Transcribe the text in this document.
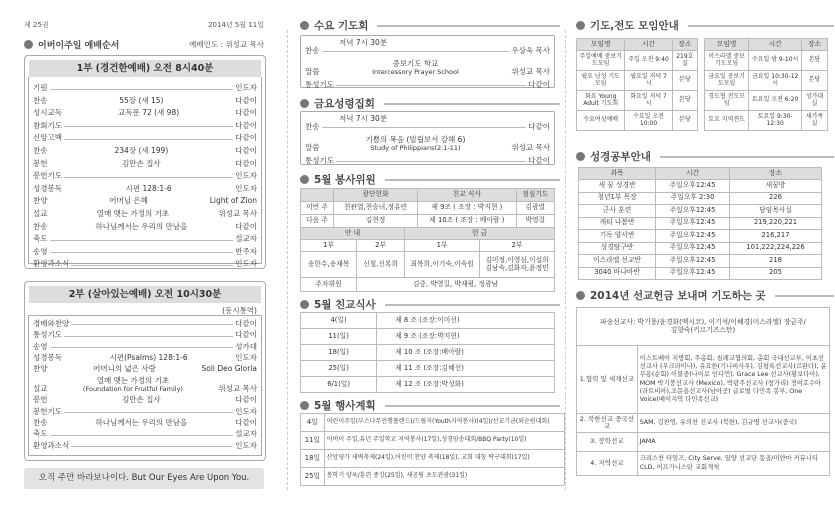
제 25권	2014년 5월 11일
어버이주일 예배순서	예배인도 : 위성교 목사
1부 (경건한예배) 오전 8시40분
기원	인도자
찬송	55장 (새 15)	다같이
성시교독	교독문 72 (새 98)	다같이
참회기도	다같이
신앙고백	다같이
찬송	234장 (새 199)	다같이
봉헌	김만손 집사	다같이
봉헌기도	인도자
성경봉독	시편 128:1-6	인도자
찬양	어머님 은혜	Light of Zion
설교	열매 맺는 가정의 기초	위성교 목사
찬송	하나님께서는 우리의 만남을	다같이
축도	설교자
송영	반주자
환영과소식	인도자
2부 (살아있는예배) 오전 10시30분
(동시통역)
경배와찬양	다같이
통성기도	다같이
송영	성가대
성경봉독	시편(Psalms) 128:1-6	인도자
찬양	어머니의 넓은 사랑	Soli Deo Gloria
설교
열매 맺는 가정의 기초
(Foundation for Fruitful Family)	위성교 목사
봉헌	김만손 집사	다같이
봉헌기도	인도자
찬송	하나님께서는 우리의 만남을	다같이
축도	설교자
환영과소식	인도자
오직 주만 바라보나이다. But Our Eyes Are Upon You.
수요 기도회
저녁 7시 30분
찬송	우상욱 목사
말씀
중보기도 학교
Intercessory Prayer School	위성교 목사
통성기도	다같이
금요성령집회
저녁 7시 30분
찬송	다같이
말씀
기쁨의 복음 (빌립보서 강해 6)
Study of Philippians(2:1-11)	위성교 목사
통성기도	다같이
5월 봉사위원
	광단헌화	친교 식사	점심기도
이번 주	천관열,천승녀,정유빈	제 9조 ( 조장 : 박지현 )	김광열
다음 주	김현정	제 10조 ( 조장 : 배아람 )	박영걸
안 내		헌 금	
1부	2부	1부	2부
송한수,송재복	신철,신록희	최복희,이기숙,이숙원	김미정,이영심,이설희
김남숙,김화자,윤정민
주차위원	김중, 박영길, 박재평, 정광남		
5월 친교식사
4(일)	제 8 조 (조장:이미선)
11(일)	제 9 조 (조장:박지현)
18(일)	제 10 조 (조장:배아람)
25(일)	제 11 조 (조장:김혜선)
6/1(일)	제 12 조 (조장:박성화)
5월 행사계획
4일	어린이주일(부스나무언행플랜드)/드림지(Youth지역봉사)(4일)/선교기금(외순원대회)
11일	어버이 주일,유년 주일학교 지역봉사(17일),성경암송대회/BBQ Party(10일)
18일	산앙영가 새벽축제(24일),어린이 찬양 축제(18일), 교회 대항 탁구대회(17일)
25일	봉학기 양육/훈련 종강(25일), 새공팀 초도관광(31일)
기도,전도 모임안내
모임명	시간	장소
주일예배 중보기도모임	주일 오전 9:40	219호실
월요 남성 기도 모임	월요일 저녁 7시	본당
화요 Young Adult 기도회	화요일 저녁 7시	본당
수요여성예배	수요일 오전 10:00	본당
모임명	시간	장소
이스라엘 중보기도모임	수요일 밤 9-10시	본당
금요일 중보기도모임	금요일 10:30-12시	본당
경도협 전도모임	토요일 오전 6:20	성가대실
토요 지역전도	토요일 9:30-12:30	새가족실
성경공부안내
과목	시간	장소
새 꿈 성경반	주일오후12:45	새꿈방
청년1부 목장	주일오후 2:30	226
군사 훈련	주일오후12:45	담임목사실
캐티 나봄반	주일오후12:45	219,220,221
기독 양서반	주일오후12:45	216,217
성경탐구반	주일오후12:45	101,222,224,226
이스라엘 선교반	주일오후12:45	218
3040 바나바반	주일오후12:45	205
2014년 선교헌금 보내며 기도하는 곳
파송선교사: 박기풍/윤경화(멕시코), 이기석/이혜경(이스라엘) 장금주/김향숙(키르기즈스탄)	
1.협력 및 세계선교	이스트베이 지방회, 주총회, 침례교협의회, 총회 국내선교부, 이초선선교사 (우크라이나), 유요한(기니비사우), 김평록선교사(르완다), 윤무용(순회) 이불중(나이로 인디언), Grace Lee 선교사(황보다아), MOM 박기풍선교사 (Mexico), 박광주선교사 (창가리) 정여호수아(라트비아),조문용선교사(남아공) 글로벌 다민족 봉부, One Voice(베이지역 다민족선교)
2. 북한선교 중국선교	SAM, 김찬영, 유의찬 선교사 (북한), 김규병 선교사(중국)
3. 장학선교	JAMA
4. 지역선교	크리스찬 타임즈, City Serve, 일양 선교단 몽골/미얀마 커뮤니티 CLD, 어프가니스탄 교회개척
